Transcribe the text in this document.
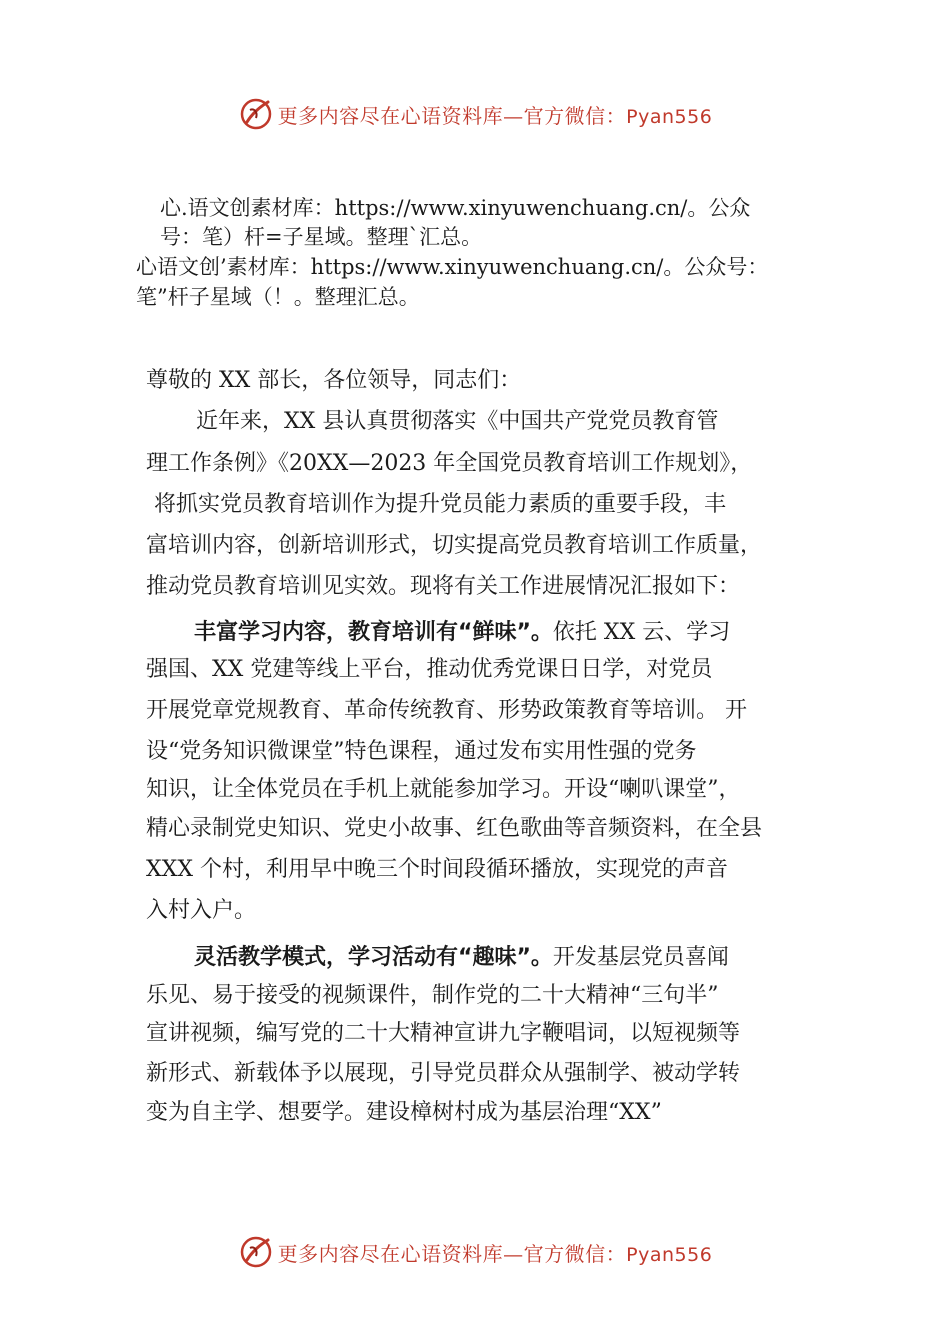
更多内容尽在心语资料库—官方微信：Pyan556
心.语文创素材库：https://www.xinyuwenchuang.cn/。公众
号：笔）杆=子星域。整理`汇总。
心语文创’素材库：https://www.xinyuwenchuang.cn/。公众号：
笔”杆子星域（！。整理汇总。
尊敬的 XX 部长，各位领导，同志们：
近年来，XX 县认真贯彻落实《中国共产党党员教育管
理工作条例》《20XX—2023 年全国党员教育培训工作规划》，
将抓实党员教育培训作为提升党员能力素质的重要手段，丰
富培训内容，创新培训形式，切实提高党员教育培训工作质量，
推动党员教育培训见实效。现将有关工作进展情况汇报如下：
丰富学习内容，教育培训有“鲜味”。依托 XX 云、学习
强国、XX 党建等线上平台，推动优秀党课日日学，对党员
开展党章党规教育、革命传统教育、形势政策教育等培训。 开
设“党务知识微课堂”特色课程，通过发布实用性强的党务
知识，让全体党员在手机上就能参加学习。开设“喇叭课堂”，
精心录制党史知识、党史小故事、红色歌曲等音频资料，在全县
XXX 个村，利用早中晚三个时间段循环播放，实现党的声音
入村入户。
灵活教学模式，学习活动有“趣味”。开发基层党员喜闻
乐见、易于接受的视频课件，制作党的二十大精神“三句半”
宣讲视频，编写党的二十大精神宣讲九字鞭唱词，以短视频等
新形式、新载体予以展现，引导党员群众从强制学、被动学转
变为自主学、想要学。建设樟树村成为基层治理“XX”
更多内容尽在心语资料库—官方微信：Pyan556
